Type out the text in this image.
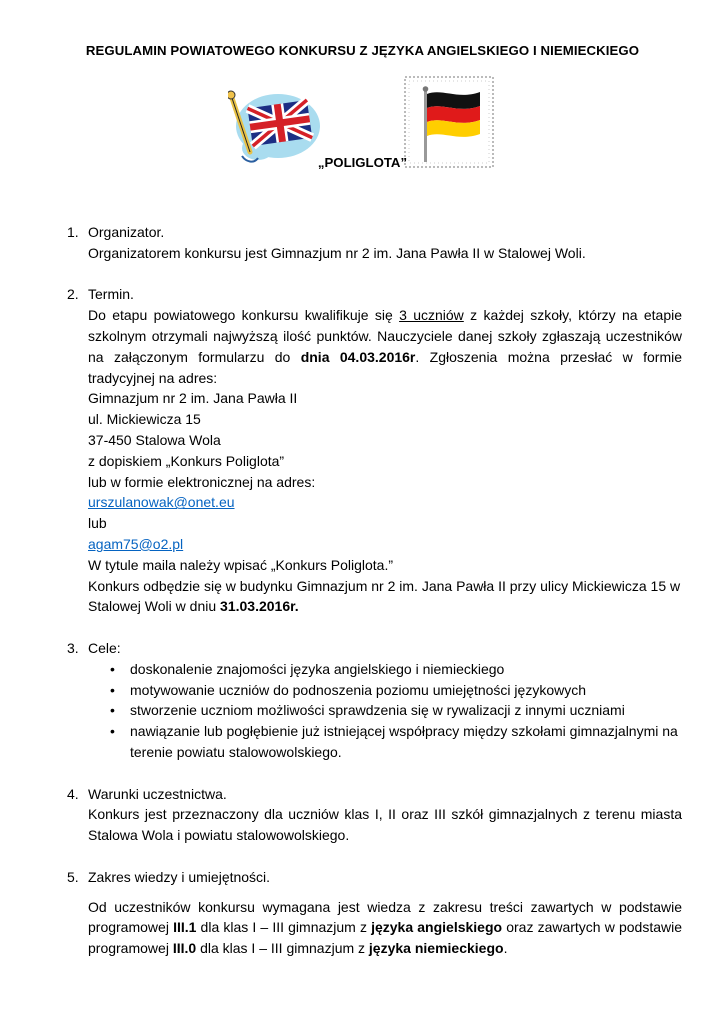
REGULAMIN POWIATOWEGO KONKURSU Z JĘZYKA ANGIELSKIEGO I NIEMIECKIEGO
„POLIGLOTA”
1. Organizator.
Organizatorem konkursu jest Gimnazjum nr 2 im. Jana Pawła II w Stalowej Woli.
2. Termin.
Do etapu powiatowego konkursu kwalifikuje się 3 uczniów z każdej szkoły, którzy na etapie szkolnym otrzymali najwyższą ilość punktów. Nauczyciele danej szkoły zgłaszają uczestników na załączonym formularzu do dnia 04.03.2016r. Zgłoszenia można przesłać w formie tradycyjnej na adres:
Gimnazjum nr 2 im. Jana Pawła II
ul. Mickiewicza 15
37-450 Stalowa Wola
z dopiskiem „Konkurs Poliglota”
lub w formie elektronicznej na adres:
urszulanowak@onet.eu
lub
agam75@o2.pl
W tytule maila należy wpisać „Konkurs Poliglota.”
Konkurs odbędzie się w budynku Gimnazjum nr 2 im. Jana Pawła II przy ulicy Mickiewicza 15 w
Stalowej Woli w dniu 31.03.2016r.
3. Cele:
• doskonalenie znajomości języka angielskiego i niemieckiego
• motywowanie uczniów do podnoszenia poziomu umiejętności językowych
• stworzenie uczniom możliwości sprawdzenia się w rywalizacji z innymi uczniami
• nawiązanie lub pogłębienie już istniejącej współpracy między szkołami gimnazjalnymi na terenie powiatu stalowowolskiego.
4. Warunki uczestnictwa.
Konkurs jest przeznaczony dla uczniów klas I, II oraz III szkół gimnazjalnych z terenu miasta Stalowa Wola i powiatu stalowowolskiego.
5. Zakres wiedzy i umiejętności.
Od uczestników konkursu wymagana jest wiedza z zakresu treści zawartych w podstawie programowej III.1 dla klas I – III gimnazjum z języka angielskiego oraz zawartych w podstawie programowej III.0 dla klas I – III gimnazjum z języka niemieckiego.
